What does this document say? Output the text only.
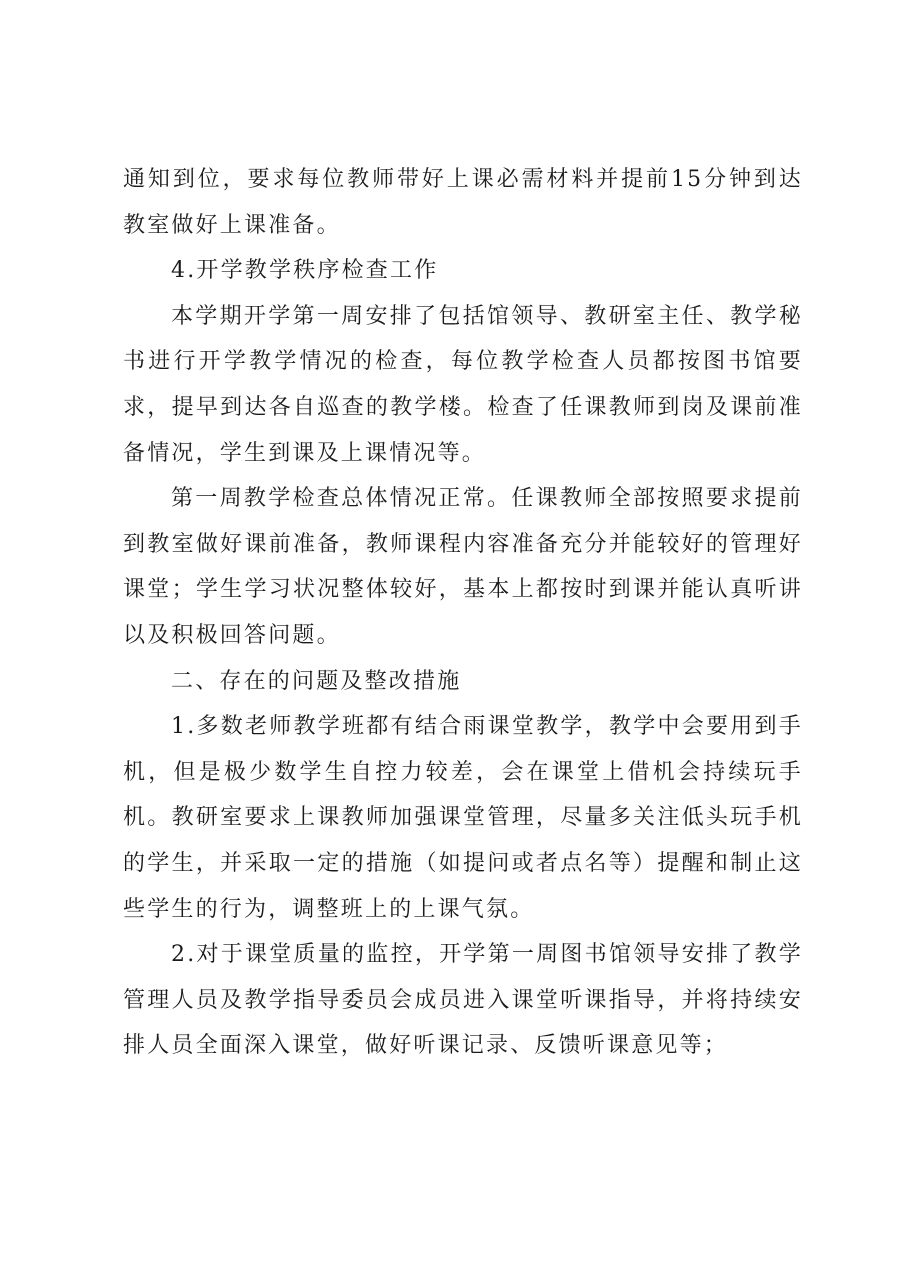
通知到位，要求每位教师带好上课必需材料并提前15分钟到达教室做好上课准备。

4.开学教学秩序检查工作

本学期开学第一周安排了包括馆领导、教研室主任、教学秘书进行开学教学情况的检查，每位教学检查人员都按图书馆要求，提早到达各自巡查的教学楼。检查了任课教师到岗及课前准备情况，学生到课及上课情况等。

第一周教学检查总体情况正常。任课教师全部按照要求提前到教室做好课前准备，教师课程内容准备充分并能较好的管理好课堂；学生学习状况整体较好，基本上都按时到课并能认真听讲以及积极回答问题。

二、存在的问题及整改措施

1.多数老师教学班都有结合雨课堂教学，教学中会要用到手机，但是极少数学生自控力较差，会在课堂上借机会持续玩手机。教研室要求上课教师加强课堂管理，尽量多关注低头玩手机的学生，并采取一定的措施（如提问或者点名等）提醒和制止这些学生的行为，调整班上的上课气氛。

2.对于课堂质量的监控，开学第一周图书馆领导安排了教学管理人员及教学指导委员会成员进入课堂听课指导，并将持续安排人员全面深入课堂，做好听课记录、反馈听课意见等；
